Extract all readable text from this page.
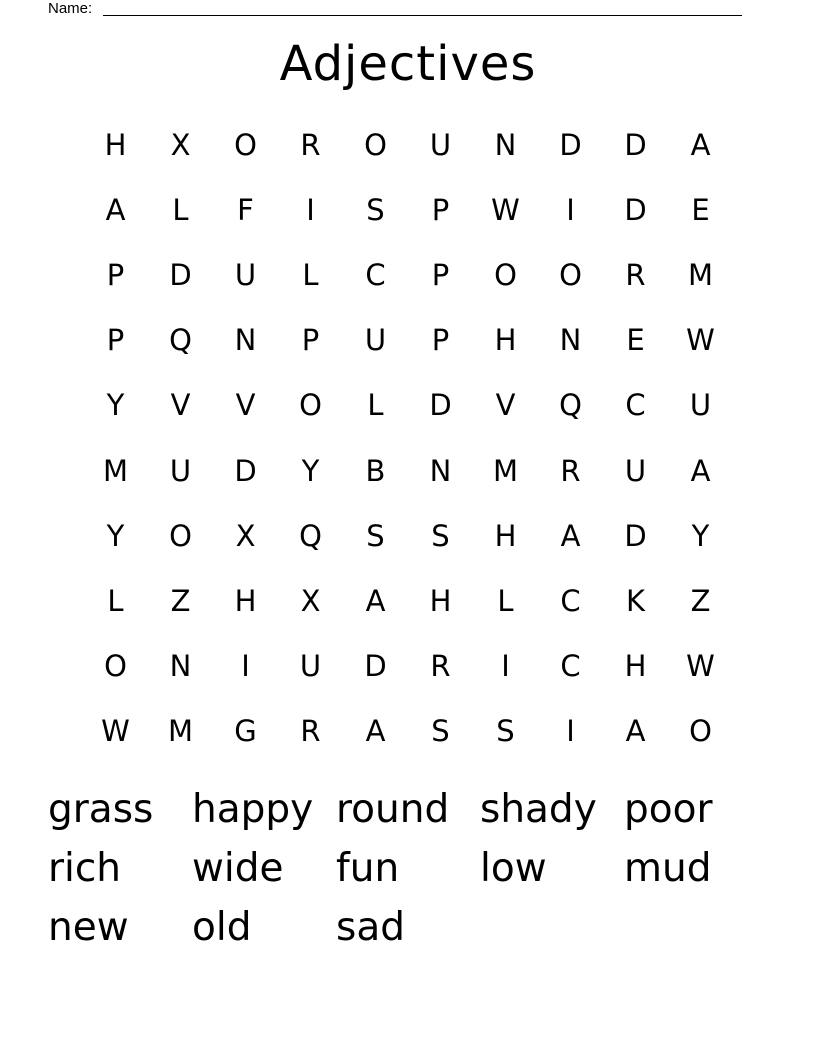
Name:
Adjectives
H	X	O	R	O	U	N	D	D	A
A	L	F	I	S	P	W	I	D	E
P	D	U	L	C	P	O	O	R	M
P	Q	N	P	U	P	H	N	E	W
Y	V	V	O	L	D	V	Q	C	U
M	U	D	Y	B	N	M	R	U	A
Y	O	X	Q	S	S	H	A	D	Y
L	Z	H	X	A	H	L	C	K	Z
O	N	I	U	D	R	I	C	H	W
W	M	G	R	A	S	S	I	A	O
grass happy round shady poor
rich	wide	fun	low	mud
new	old	sad
